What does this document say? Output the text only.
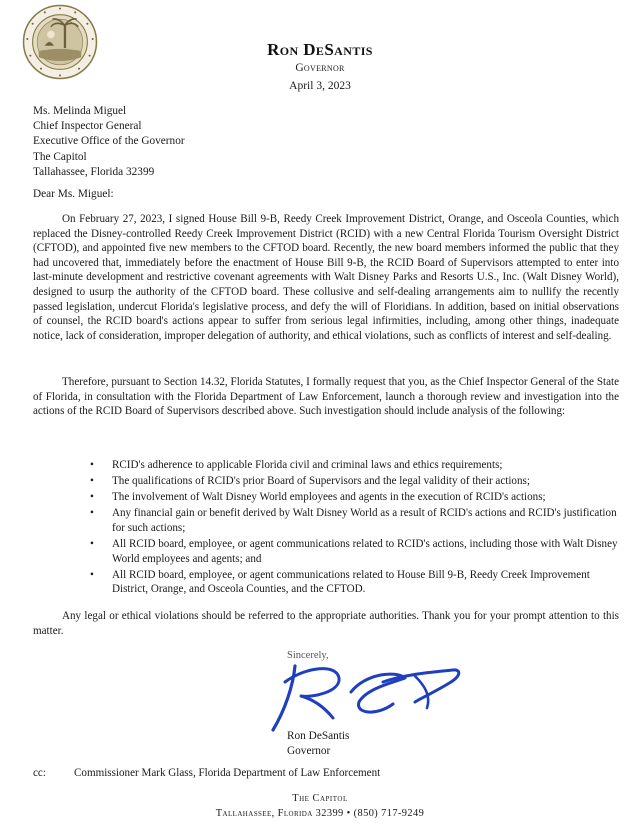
Ron DeSantis
Governor
April 3, 2023
Ms. Melinda Miguel
Chief Inspector General
Executive Office of the Governor
The Capitol
Tallahassee, Florida 32399
Dear Ms. Miguel:

On February 27, 2023, I signed House Bill 9-B, Reedy Creek Improvement District, Orange, and Osceola Counties, which replaced the Disney-controlled Reedy Creek Improvement District (RCID) with a new Central Florida Tourism Oversight District (CFTOD), and appointed five new members to the CFTOD board. Recently, the new board members informed the public that they had uncovered that, immediately before the enactment of House Bill 9-B, the RCID Board of Supervisors attempted to enter into last-minute development and restrictive covenant agreements with Walt Disney Parks and Resorts U.S., Inc. (Walt Disney World), designed to usurp the authority of the CFTOD board. These collusive and self-dealing arrangements aim to nullify the recently passed legislation, undercut Florida's legislative process, and defy the will of Floridians. In addition, based on initial observations of counsel, the RCID board's actions appear to suffer from serious legal infirmities, including, among other things, inadequate notice, lack of consideration, improper delegation of authority, and ethical violations, such as conflicts of interest and self-dealing.

Therefore, pursuant to Section 14.32, Florida Statutes, I formally request that you, as the Chief Inspector General of the State of Florida, in consultation with the Florida Department of Law Enforcement, launch a thorough review and investigation into the actions of the RCID Board of Supervisors described above. Such investigation should include analysis of the following:

• RCID's adherence to applicable Florida civil and criminal laws and ethics requirements;
• The qualifications of RCID's prior Board of Supervisors and the legal validity of their actions;
• The involvement of Walt Disney World employees and agents in the execution of RCID's actions;
• Any financial gain or benefit derived by Walt Disney World as a result of RCID's actions and RCID's justification for such actions;
• All RCID board, employee, or agent communications related to RCID's actions, including those with Walt Disney World employees and agents; and
• All RCID board, employee, or agent communications related to House Bill 9-B, Reedy Creek Improvement District, Orange, and Osceola Counties, and the CFTOD.

Any legal or ethical violations should be referred to the appropriate authorities. Thank you for your prompt attention to this matter.

Sincerely,
Ron DeSantis
Governor
cc:	Commissioner Mark Glass, Florida Department of Law Enforcement
The Capitol
Tallahassee, Florida 32399 • (850) 717-9249
